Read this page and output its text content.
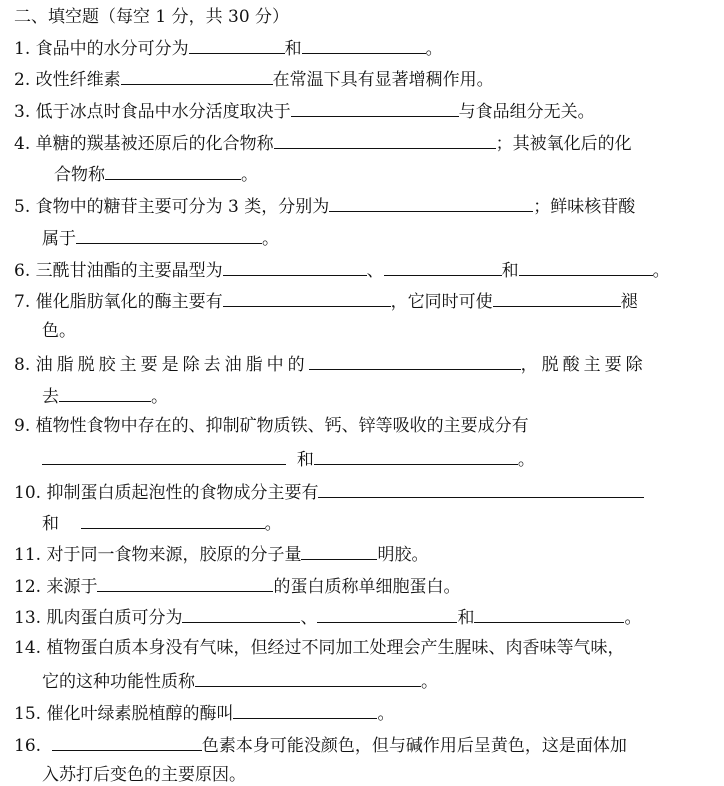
二、填空题（每空 1 分，共 30 分）
1. 食品中的水分可分为	和	。
2. 改性纤维素	在常温下具有显著增稠作用。
3. 低于冰点时食品中水分活度取决于	与食品组分无关。
4. 单糖的羰基被还原后的化合物称	；其被氧化后的化
合物称	。
5. 食物中的糖苷主要可分为 3 类，分别为	；鲜味核苷酸
属于	。
6. 三酰甘油酯的主要晶型为	、	和	。
7. 催化脂肪氧化的酶主要有	，它同时可使	褪
色。
8. 油脂脱胶主要是除去油脂中的	，脱酸主要除
去	。
9. 植物性食物中存在的、抑制矿物质铁、钙、锌等吸收的主要成分有
和	。
10. 抑制蛋白质起泡性的食物成分主要有
和	。
11. 对于同一食物来源，胶原的分子量	明胶。
12. 来源于	的蛋白质称单细胞蛋白。
13. 肌肉蛋白质可分为	、	和	。
14. 植物蛋白质本身没有气味，但经过不同加工处理会产生腥味、肉香味等气味，
它的这种功能性质称	。
15. 催化叶绿素脱植醇的酶叫	。
16.	色素本身可能没颜色，但与碱作用后呈黄色，这是面体加
入苏打后变色的主要原因。
